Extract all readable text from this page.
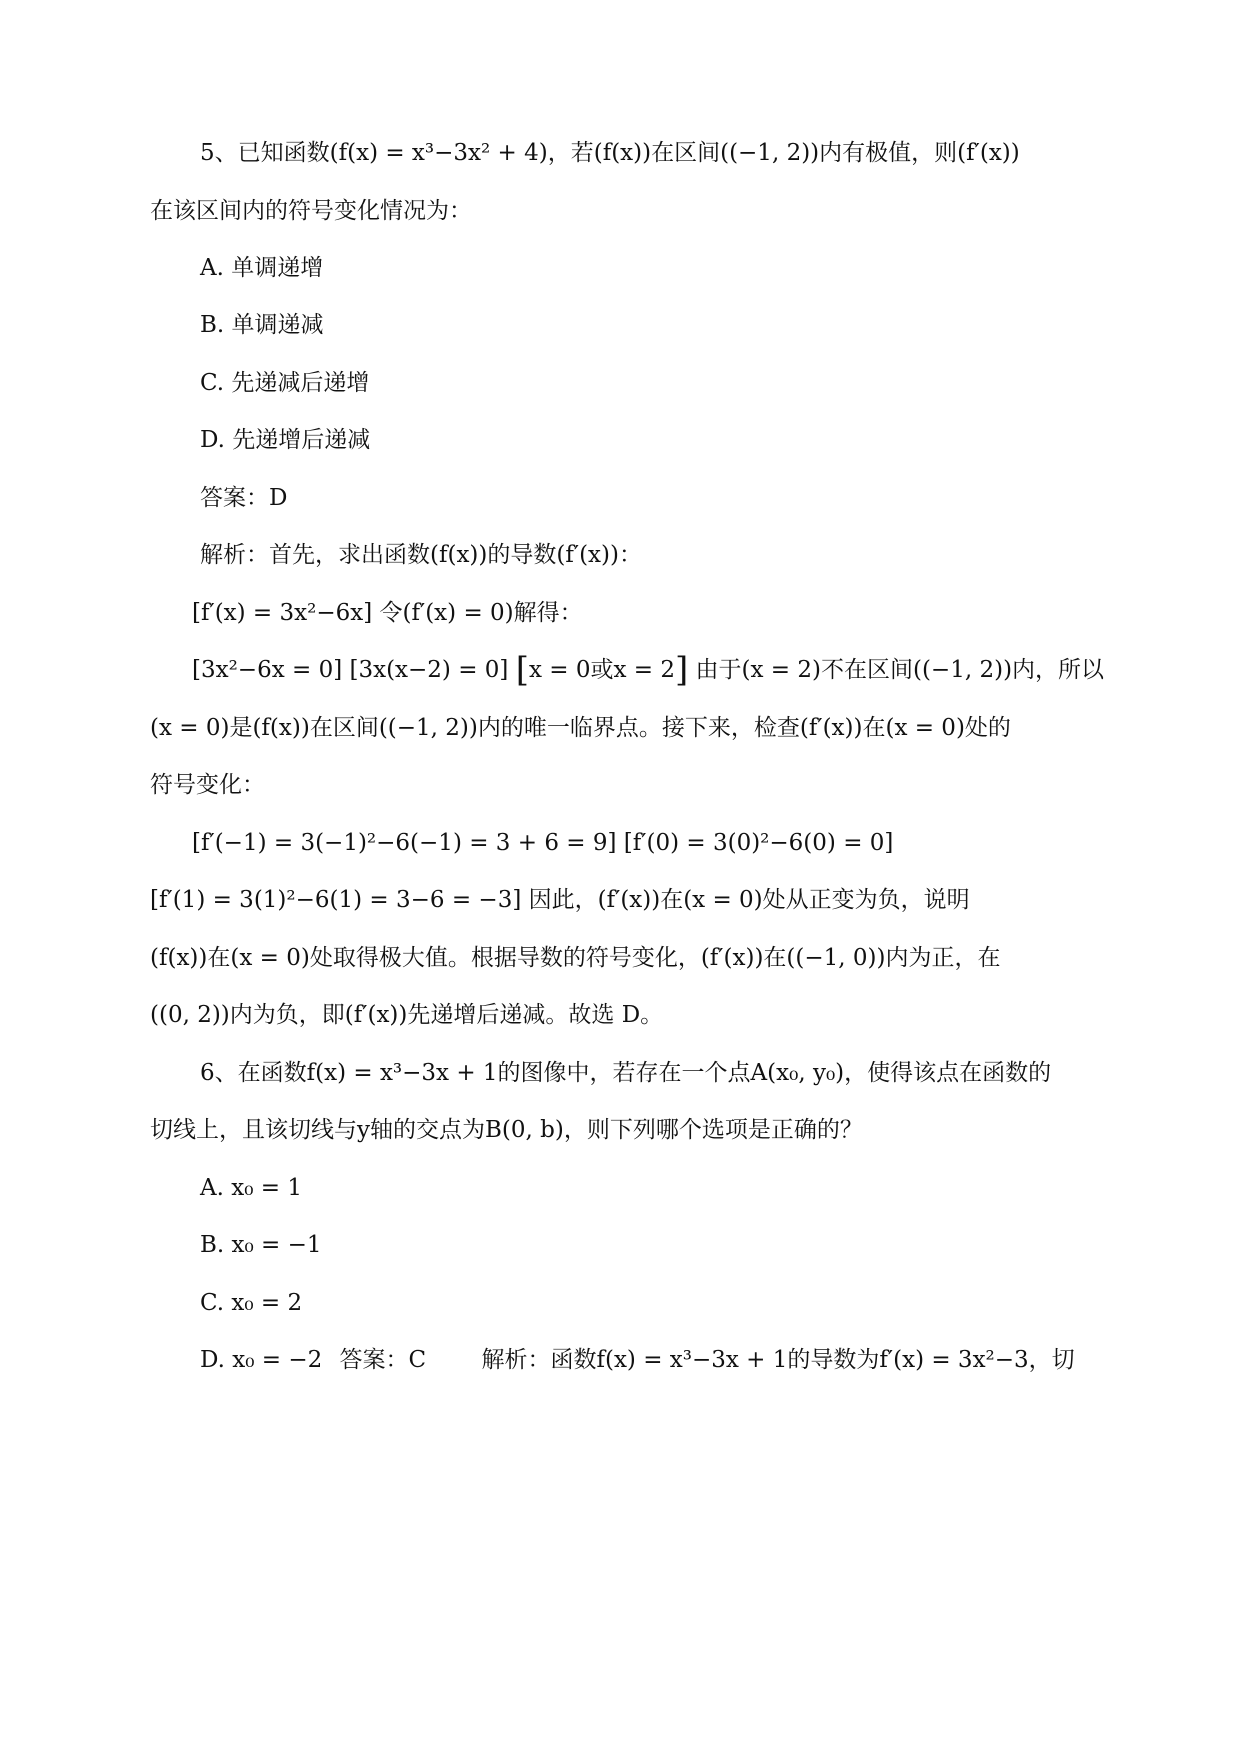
5、已知函数(f(x) = x³−3x² + 4)，若(f(x))在区间((−1, 2))内有极值，则(f′(x))
在该区间内的符号变化情况为：
A. 单调递增
B. 单调递减
C. 先递减后递增
D. 先递增后递减
答案：D
解析：首先，求出函数(f(x))的导数(f′(x))：
[f′(x) = 3x²−6x] 令(f′(x) = 0)解得：
[3x²−6x = 0] [3x(x−2) = 0] [x = 0或x = 2] 由于(x = 2)不在区间((−1, 2))内，所以
(x = 0)是(f(x))在区间((−1, 2))内的唯一临界点。接下来，检查(f′(x))在(x = 0)处的
符号变化：
[f′(−1) = 3(−1)²−6(−1) = 3 + 6 = 9] [f′(0) = 3(0)²−6(0) = 0]
[f′(1) = 3(1)²−6(1) = 3−6 = −3] 因此，(f′(x))在(x = 0)处从正变为负，说明
(f(x))在(x = 0)处取得极大值。根据导数的符号变化，(f′(x))在((−1, 0))内为正，在
((0, 2))内为负，即(f′(x))先递增后递减。故选 D。
6、在函数f(x) = x³−3x + 1的图像中，若存在一个点A(x₀, y₀)，使得该点在函数的
切线上，且该切线与y轴的交点为B(0, b)，则下列哪个选项是正确的？
A. x₀ = 1
B. x₀ = −1
C. x₀ = 2
D. x₀ = −2 答案：C 解析：函数f(x) = x³−3x + 1的导数为f′(x) = 3x²−3，切
